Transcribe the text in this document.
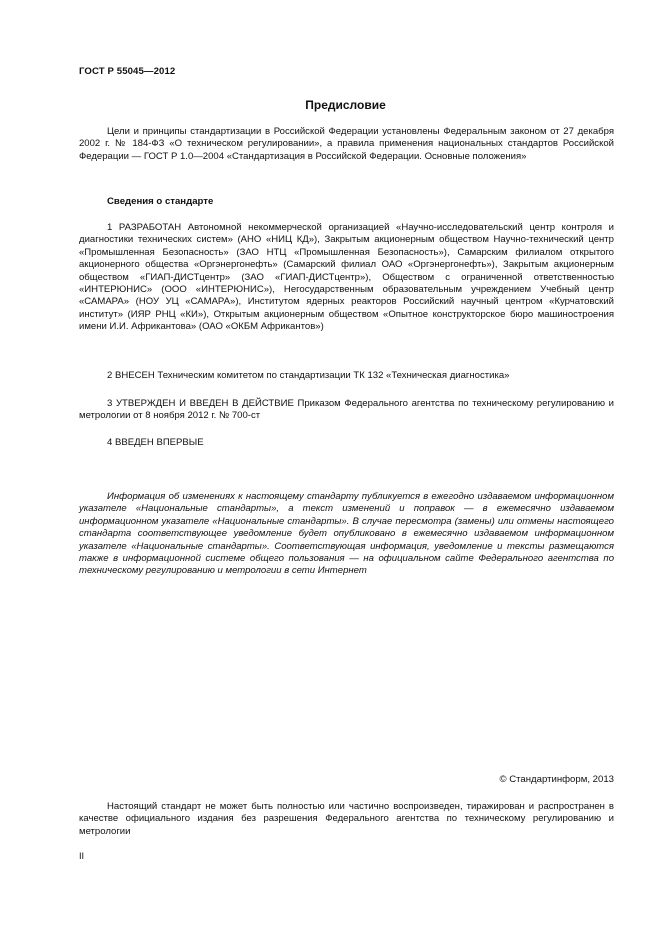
ГОСТ Р 55045—2012
Предисловие

Цели и принципы стандартизации в Российской Федерации установлены Федеральным законом от 27 декабря 2002 г. № 184-ФЗ «О техническом регулировании», а правила применения национальных стандартов Российской Федерации — ГОСТ Р 1.0—2004 «Стандартизация в Российской Федерации. Основные положения»

Сведения о стандарте

1 РАЗРАБОТАН Автономной некоммерческой организацией «Научно-исследовательский центр контроля и диагностики технических систем» (АНО «НИЦ КД»), Закрытым акционерным обществом Научно-технический центр «Промышленная Безопасность» (ЗАО НТЦ «Промышленная Безопасность»), Самарским филиалом открытого акционерного общества «Оргэнергонефть» (Самарский филиал ОАО «Оргэнергонефть»), Закрытым акционерным обществом «ГИАП-ДИСТцентр» (ЗАО «ГИАП-ДИСТцентр»), Обществом с ограниченной ответственностью «ИНТЕРЮНИС» (ООО «ИНТЕРЮНИС»), Негосударственным образовательным учреждением Учебный центр «САМАРА» (НОУ УЦ «САМАРА»), Институтом ядерных реакторов Российский научный центром «Курчатовский институт» (ИЯР РНЦ «КИ»), Открытым акционерным обществом «Опытное конструкторское бюро машиностроения имени И.И. Африкантова» (ОАО «ОКБМ Африкантов»)

2 ВНЕСЕН Техническим комитетом по стандартизации ТК 132 «Техническая диагностика»

3 УТВЕРЖДЕН И ВВЕДЕН В ДЕЙСТВИЕ Приказом Федерального агентства по техническому регулированию и метрологии от 8 ноября 2012 г. № 700-ст

4 ВВЕДЕН ВПЕРВЫЕ

Информация об изменениях к настоящему стандарту публикуется в ежегодно издаваемом информационном указателе «Национальные стандарты», а текст изменений и поправок — в ежемесячно издаваемом информационном указателе «Национальные стандарты». В случае пересмотра (замены) или отмены настоящего стандарта соответствующее уведомление будет опубликовано в ежемесячно издаваемом информационном указателе «Национальные стандарты». Соответствующая информация, уведомление и тексты размещаются также в информационной системе общего пользования — на официальном сайте Федерального агентства по техническому регулированию и метрологии в сети Интернет

© Стандартинформ, 2013

Настоящий стандарт не может быть полностью или частично воспроизведен, тиражирован и распространен в качестве официального издания без разрешения Федерального агентства по техническому регулированию и метрологии

II
